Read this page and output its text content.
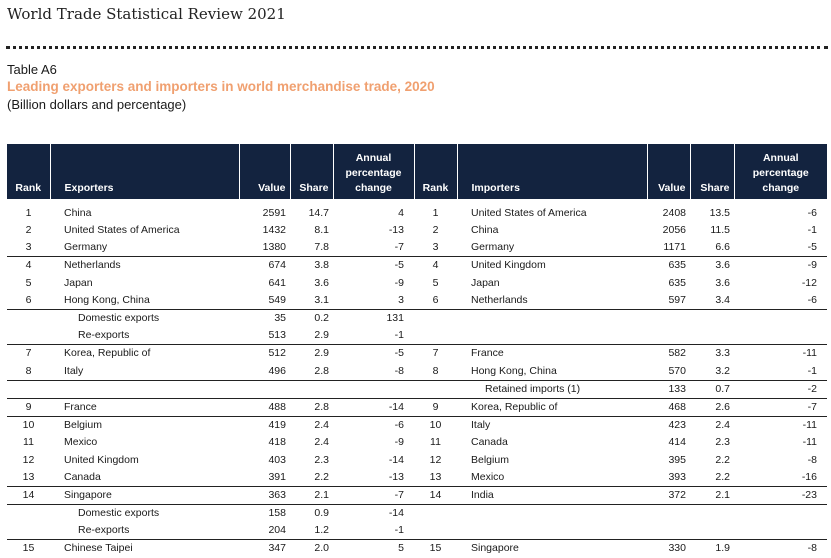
World Trade Statistical Review 2021
Table A6
Leading exporters and importers in world merchandise trade, 2020
(Billion dollars and percentage)
Rank	Exporters	Value	Share	Annual
percentage
change	Rank	Importers	Value	Share	Annual
percentage
change
1	China	2591	14.7	4	1	United States of America	2408	13.5	-6
2	United States of America	1432	8.1	-13	2	China	2056	11.5	-1
3	Germany	1380	7.8	-7	3	Germany	1171	6.6	-5
4	Netherlands	674	3.8	-5	4	United Kingdom	635	3.6	-9
5	Japan	641	3.6	-9	5	Japan	635	3.6	-12
6	Hong Kong, China	549	3.1	3	6	Netherlands	597	3.4	-6
	Domestic exports	35	0.2	131					
	Re-exports	513	2.9	-1					
7	Korea, Republic of	512	2.9	-5	7	France	582	3.3	-11
8	Italy	496	2.8	-8	8	Hong Kong, China	570	3.2	-1
						Retained imports (1)	133	0.7	-2
9	France	488	2.8	-14	9	Korea, Republic of	468	2.6	-7
10	Belgium	419	2.4	-6	10	Italy	423	2.4	-11
11	Mexico	418	2.4	-9	11	Canada	414	2.3	-11
12	United Kingdom	403	2.3	-14	12	Belgium	395	2.2	-8
13	Canada	391	2.2	-13	13	Mexico	393	2.2	-16
14	Singapore	363	2.1	-7	14	India	372	2.1	-23
	Domestic exports	158	0.9	-14					
	Re-exports	204	1.2	-1					
15	Chinese Taipei	347	2.0	5	15	Singapore	330	1.9	-8
